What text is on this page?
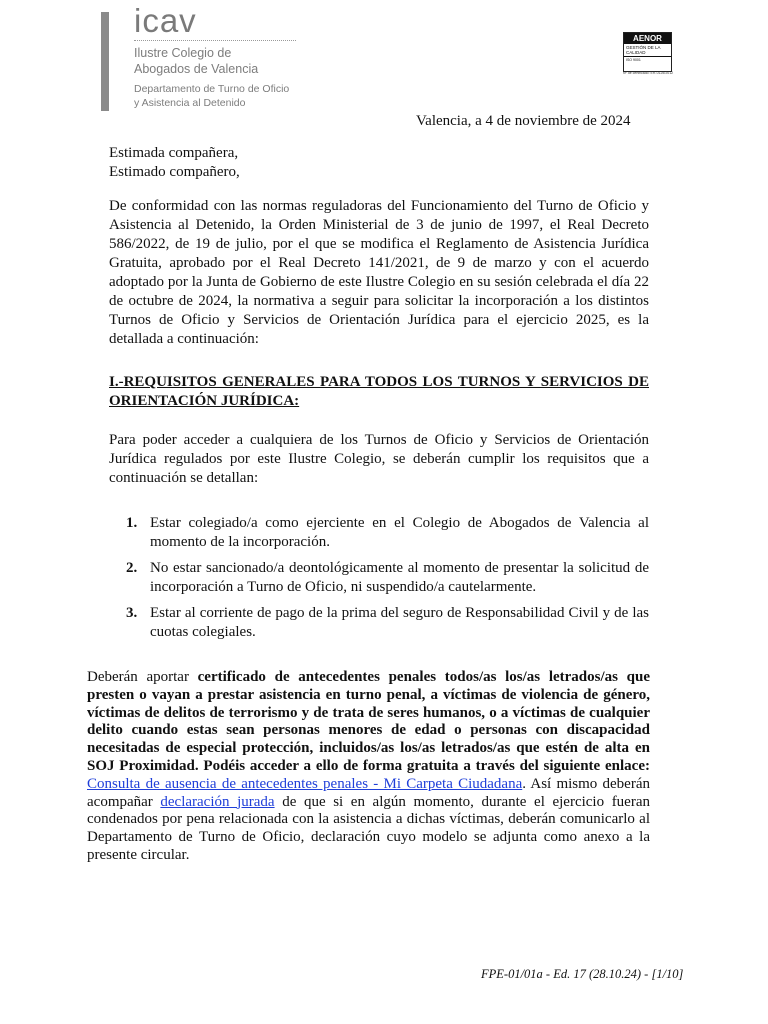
icav
Ilustre Colegio de
Abogados de Valencia
Departamento de Turno de Oficio
y Asistencia al Detenido
AENOR
GESTIÓN DE LA CALIDAD
ISO 9001
Nº de certificado: ER-0125/2012
Valencia, a 4 de noviembre de 2024
Estimada compañera,
Estimado compañero,
De conformidad con las normas reguladoras del Funcionamiento del Turno de Oficio y Asistencia al Detenido, la Orden Ministerial de 3 de junio de 1997, el Real Decreto 586/2022, de 19 de julio, por el que se modifica el Reglamento de Asistencia Jurídica Gratuita, aprobado por el Real Decreto 141/2021, de 9 de marzo y con el acuerdo adoptado por la Junta de Gobierno de este Ilustre Colegio en su sesión celebrada el día 22 de octubre de 2024, la normativa a seguir para solicitar la incorporación a los distintos Turnos de Oficio y Servicios de Orientación Jurídica para el ejercicio 2025, es la detallada a continuación:
I.-REQUISITOS GENERALES PARA TODOS LOS TURNOS Y SERVICIOS DE ORIENTACIÓN JURÍDICA:
Para poder acceder a cualquiera de los Turnos de Oficio y Servicios de Orientación Jurídica regulados por este Ilustre Colegio, se deberán cumplir los requisitos que a continuación se detallan:
1. Estar colegiado/a como ejerciente en el Colegio de Abogados de Valencia al momento de la incorporación.
2. No estar sancionado/a deontológicamente al momento de presentar la solicitud de incorporación a Turno de Oficio, ni suspendido/a cautelarmente.
3. Estar al corriente de pago de la prima del seguro de Responsabilidad Civil y de las cuotas colegiales.
Deberán aportar certificado de antecedentes penales todos/as los/as letrados/as que presten o vayan a prestar asistencia en turno penal, a víctimas de violencia de género, víctimas de delitos de terrorismo y de trata de seres humanos, o a víctimas de cualquier delito cuando estas sean personas menores de edad o personas con discapacidad necesitadas de especial protección, incluidos/as los/as letrados/as que estén de alta en SOJ Proximidad. Podéis acceder a ello de forma gratuita a través del siguiente enlace: Consulta de ausencia de antecedentes penales - Mi Carpeta Ciudadana. Así mismo deberán acompañar declaración jurada de que si en algún momento, durante el ejercicio fueran condenados por pena relacionada con la asistencia a dichas víctimas, deberán comunicarlo al Departamento de Turno de Oficio, declaración cuyo modelo se adjunta como anexo a la presente circular.
FPE-01/01a - Ed. 17 (28.10.24) - [1/10]
